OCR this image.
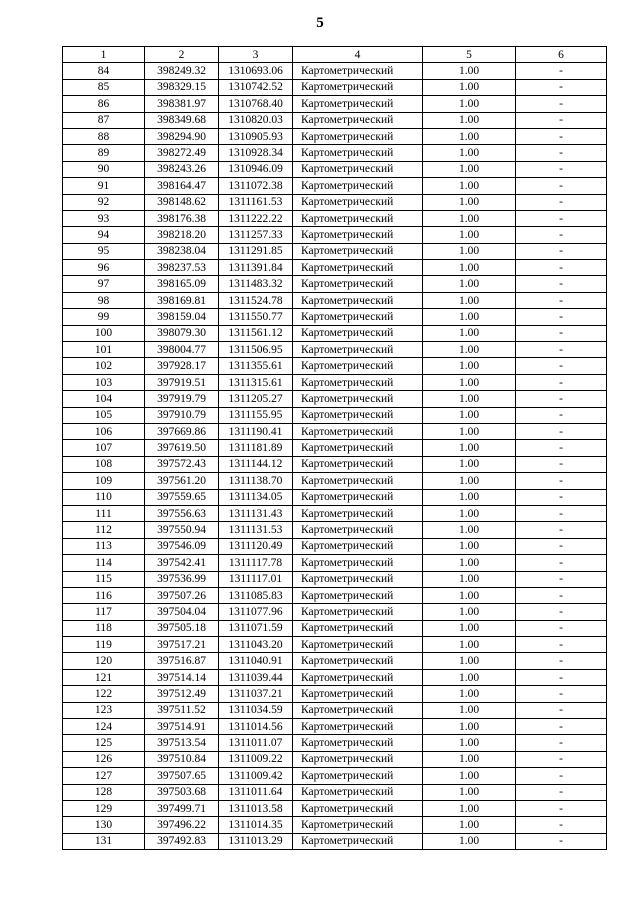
5
1	2	3	4	5	6
84	398249.32	1310693.06	Картометрический	1.00	-
85	398329.15	1310742.52	Картометрический	1.00	-
86	398381.97	1310768.40	Картометрический	1.00	-
87	398349.68	1310820.03	Картометрический	1.00	-
88	398294.90	1310905.93	Картометрический	1.00	-
89	398272.49	1310928.34	Картометрический	1.00	-
90	398243.26	1310946.09	Картометрический	1.00	-
91	398164.47	1311072.38	Картометрический	1.00	-
92	398148.62	1311161.53	Картометрический	1.00	-
93	398176.38	1311222.22	Картометрический	1.00	-
94	398218.20	1311257.33	Картометрический	1.00	-
95	398238.04	1311291.85	Картометрический	1.00	-
96	398237.53	1311391.84	Картометрический	1.00	-
97	398165.09	1311483.32	Картометрический	1.00	-
98	398169.81	1311524.78	Картометрический	1.00	-
99	398159.04	1311550.77	Картометрический	1.00	-
100	398079.30	1311561.12	Картометрический	1.00	-
101	398004.77	1311506.95	Картометрический	1.00	-
102	397928.17	1311355.61	Картометрический	1.00	-
103	397919.51	1311315.61	Картометрический	1.00	-
104	397919.79	1311205.27	Картометрический	1.00	-
105	397910.79	1311155.95	Картометрический	1.00	-
106	397669.86	1311190.41	Картометрический	1.00	-
107	397619.50	1311181.89	Картометрический	1.00	-
108	397572.43	1311144.12	Картометрический	1.00	-
109	397561.20	1311138.70	Картометрический	1.00	-
110	397559.65	1311134.05	Картометрический	1.00	-
111	397556.63	1311131.43	Картометрический	1.00	-
112	397550.94	1311131.53	Картометрический	1.00	-
113	397546.09	1311120.49	Картометрический	1.00	-
114	397542.41	1311117.78	Картометрический	1.00	-
115	397536.99	1311117.01	Картометрический	1.00	-
116	397507.26	1311085.83	Картометрический	1.00	-
117	397504.04	1311077.96	Картометрический	1.00	-
118	397505.18	1311071.59	Картометрический	1.00	-
119	397517.21	1311043.20	Картометрический	1.00	-
120	397516.87	1311040.91	Картометрический	1.00	-
121	397514.14	1311039.44	Картометрический	1.00	-
122	397512.49	1311037.21	Картометрический	1.00	-
123	397511.52	1311034.59	Картометрический	1.00	-
124	397514.91	1311014.56	Картометрический	1.00	-
125	397513.54	1311011.07	Картометрический	1.00	-
126	397510.84	1311009.22	Картометрический	1.00	-
127	397507.65	1311009.42	Картометрический	1.00	-
128	397503.68	1311011.64	Картометрический	1.00	-
129	397499.71	1311013.58	Картометрический	1.00	-
130	397496.22	1311014.35	Картометрический	1.00	-
131	397492.83	1311013.29	Картометрический	1.00	-
